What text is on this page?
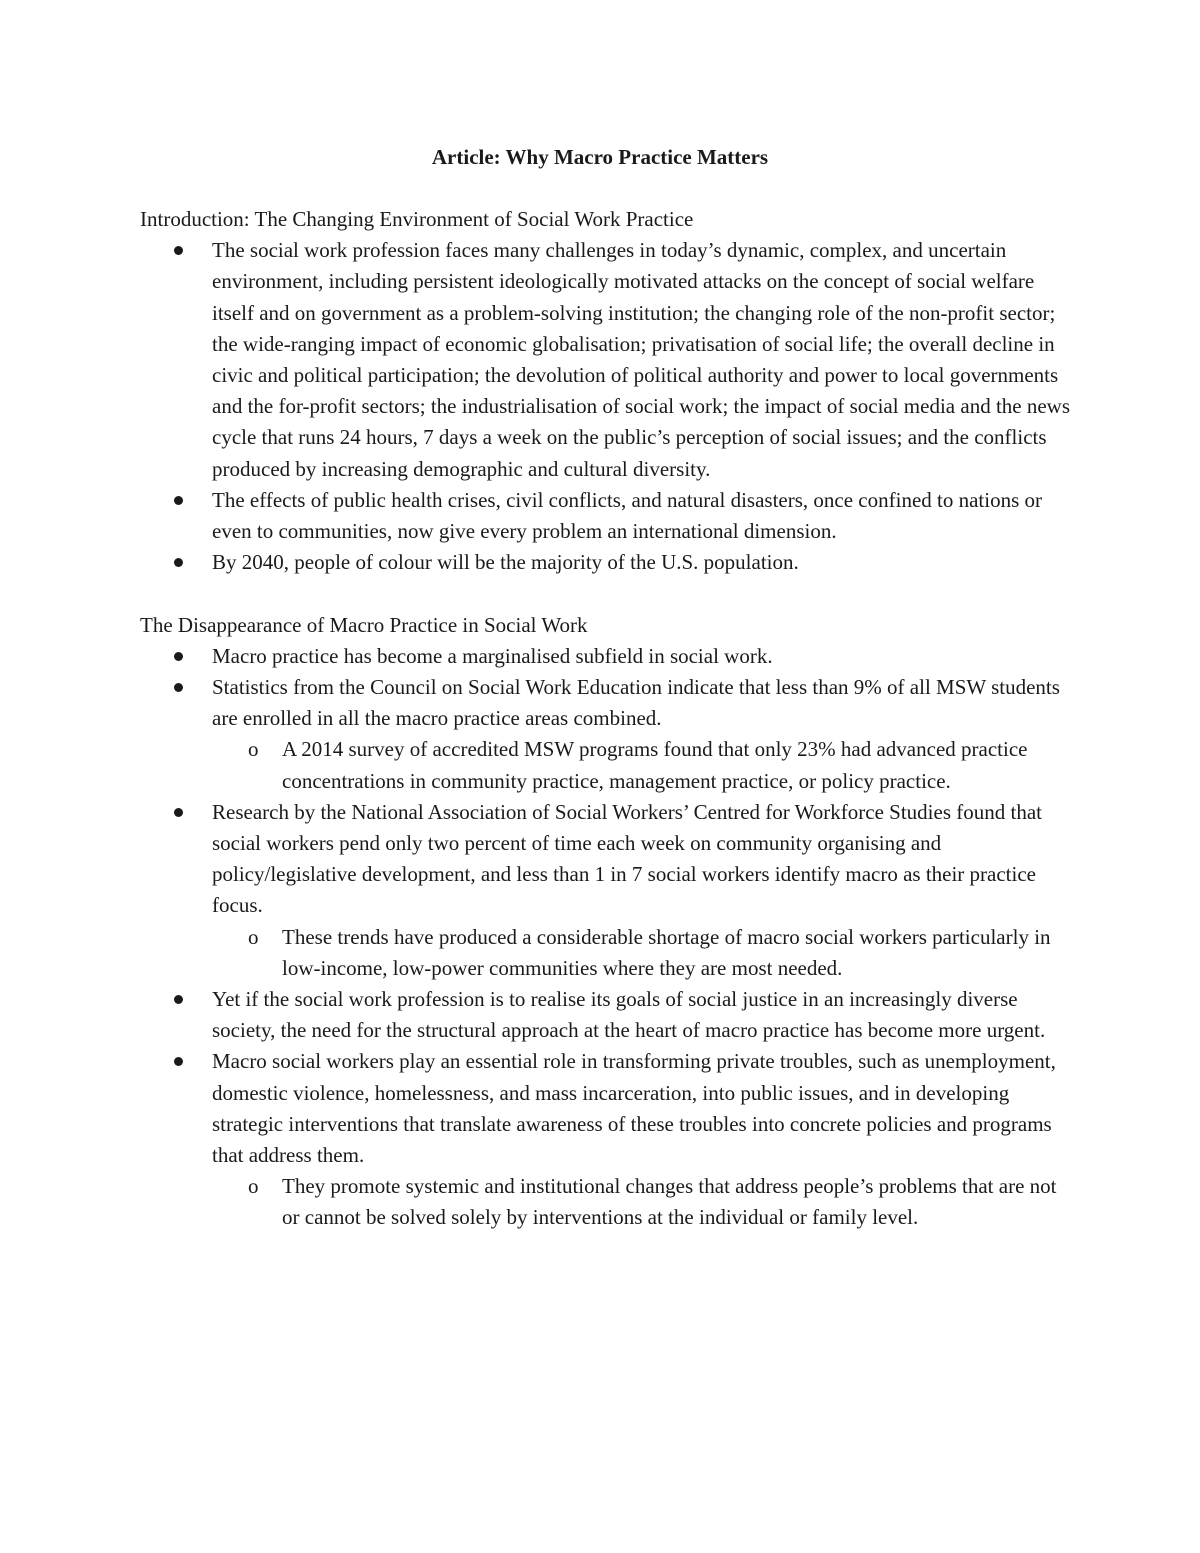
Article: Why Macro Practice Matters

Introduction: The Changing Environment of Social Work Practice

The social work profession faces many challenges in today’s dynamic, complex, and uncertain environment, including persistent ideologically motivated attacks on the concept of social welfare itself and on government as a problem-solving institution; the changing role of the non-profit sector; the wide-ranging impact of economic globalisation; privatisation of social life; the overall decline in civic and political participation; the devolution of political authority and power to local governments and the for-profit sectors; the industrialisation of social work; the impact of social media and the news cycle that runs 24 hours, 7 days a week on the public’s perception of social issues; and the conflicts produced by increasing demographic and cultural diversity.
The effects of public health crises, civil conflicts, and natural disasters, once confined to nations or even to communities, now give every problem an international dimension.
By 2040, people of colour will be the majority of the U.S. population.

The Disappearance of Macro Practice in Social Work

Macro practice has become a marginalised subfield in social work.
Statistics from the Council on Social Work Education indicate that less than 9% of all MSW students are enrolled in all the macro practice areas combined.
o A 2014 survey of accredited MSW programs found that only 23% had advanced practice concentrations in community practice, management practice, or policy practice.
Research by the National Association of Social Workers’ Centred for Workforce Studies found that social workers pend only two percent of time each week on community organising and policy/legislative development, and less than 1 in 7 social workers identify macro as their practice focus.
o These trends have produced a considerable shortage of macro social workers particularly in low-income, low-power communities where they are most needed.
Yet if the social work profession is to realise its goals of social justice in an increasingly diverse society, the need for the structural approach at the heart of macro practice has become more urgent.
Macro social workers play an essential role in transforming private troubles, such as unemployment, domestic violence, homelessness, and mass incarceration, into public issues, and in developing strategic interventions that translate awareness of these troubles into concrete policies and programs that address them.
o They promote systemic and institutional changes that address people’s problems that are not or cannot be solved solely by interventions at the individual or family level.
